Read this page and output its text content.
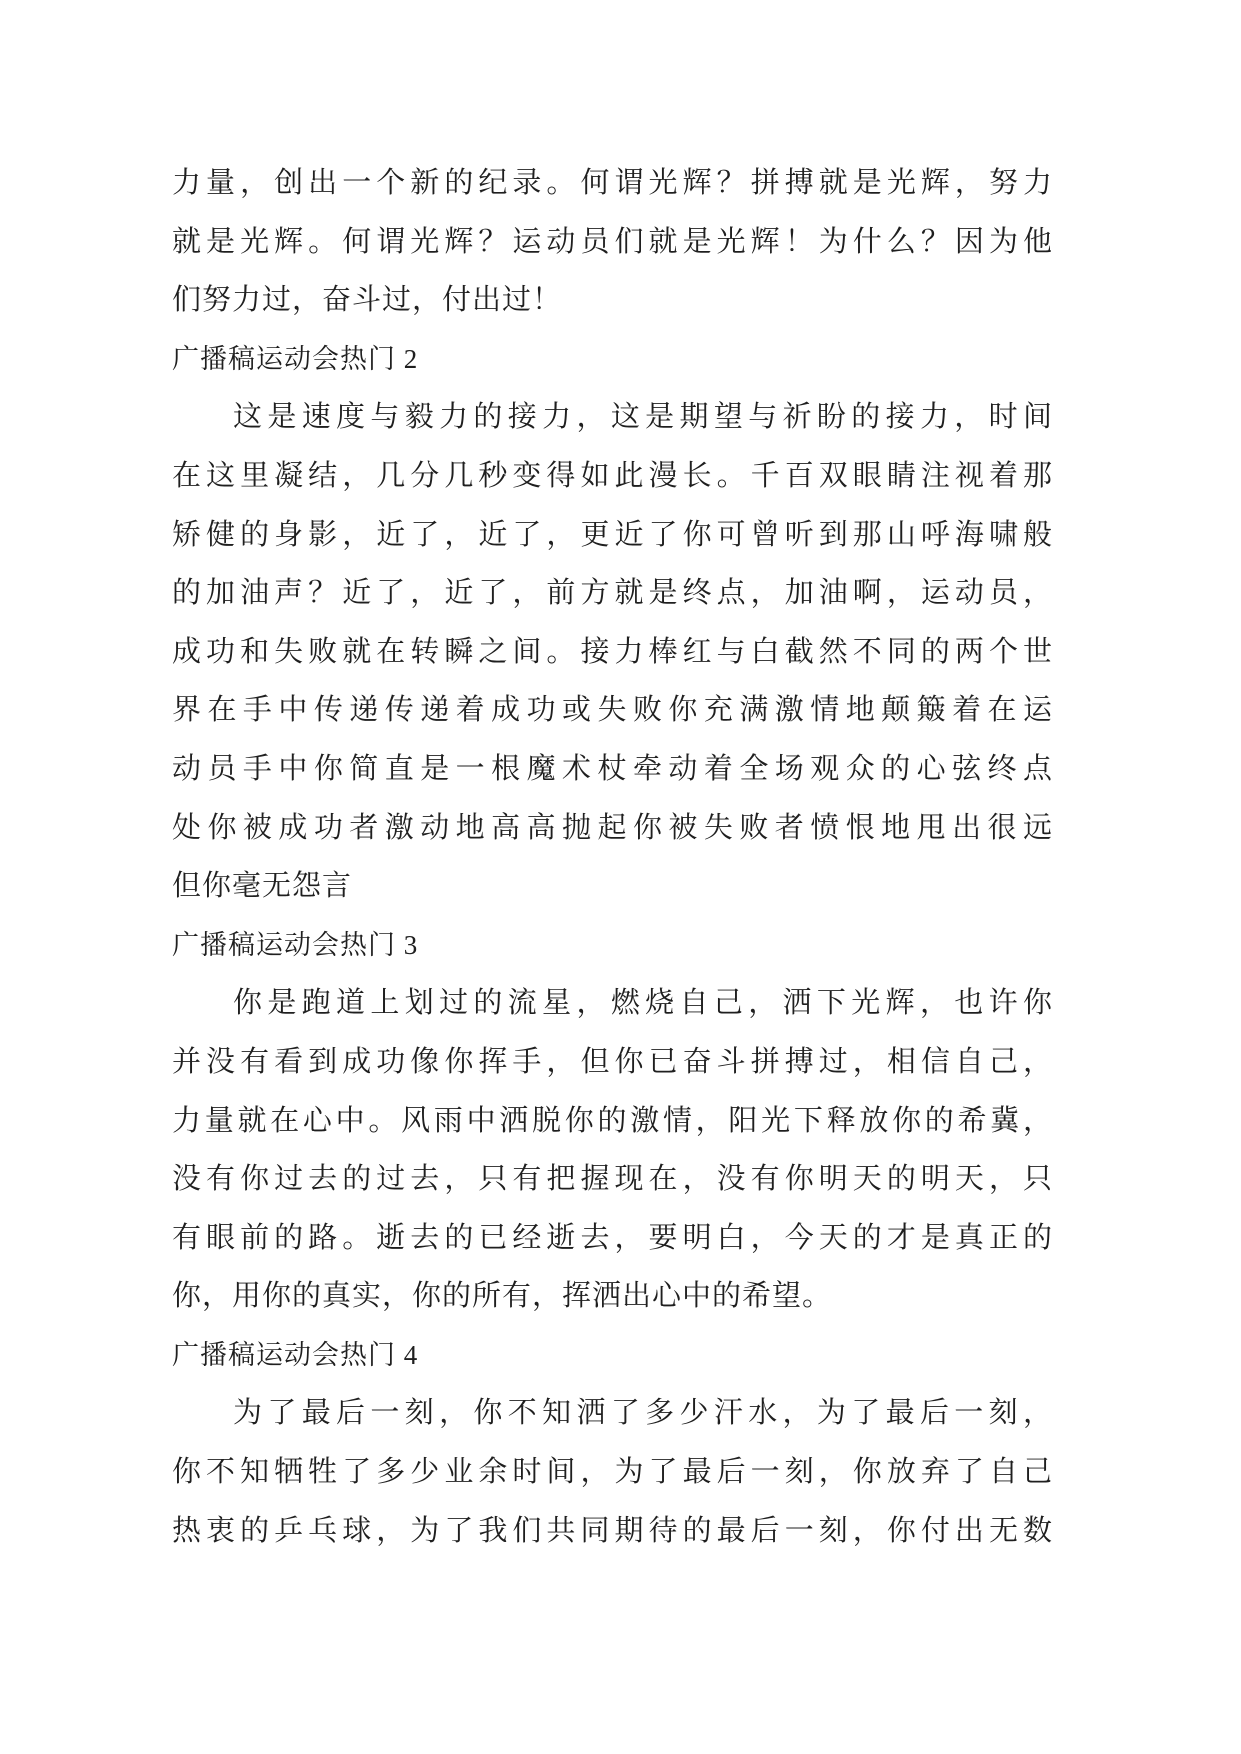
力量，创出一个新的纪录。何谓光辉？拼搏就是光辉，努力
就是光辉。何谓光辉？运动员们就是光辉！为什么？因为他
们努力过，奋斗过，付出过！
广播稿运动会热门 2
这是速度与毅力的接力，这是期望与祈盼的接力，时间
在这里凝结，几分几秒变得如此漫长。千百双眼睛注视着那
矫健的身影，近了，近了，更近了你可曾听到那山呼海啸般
的加油声？近了，近了，前方就是终点，加油啊，运动员，
成功和失败就在转瞬之间。接力棒红与白截然不同的两个世
界在手中传递传递着成功或失败你充满激情地颠簸着在运
动员手中你简直是一根魔术杖牵动着全场观众的心弦终点
处你被成功者激动地高高抛起你被失败者愤恨地甩出很远
但你毫无怨言
广播稿运动会热门 3
你是跑道上划过的流星，燃烧自己，洒下光辉，也许你
并没有看到成功像你挥手，但你已奋斗拼搏过，相信自己，
力量就在心中。风雨中洒脱你的激情，阳光下释放你的希冀，
没有你过去的过去，只有把握现在，没有你明天的明天，只
有眼前的路。逝去的已经逝去，要明白，今天的才是真正的
你，用你的真实，你的所有，挥洒出心中的希望。
广播稿运动会热门 4
为了最后一刻，你不知洒了多少汗水，为了最后一刻，
你不知牺牲了多少业余时间，为了最后一刻，你放弃了自己
热衷的乒乓球，为了我们共同期待的最后一刻，你付出无数
